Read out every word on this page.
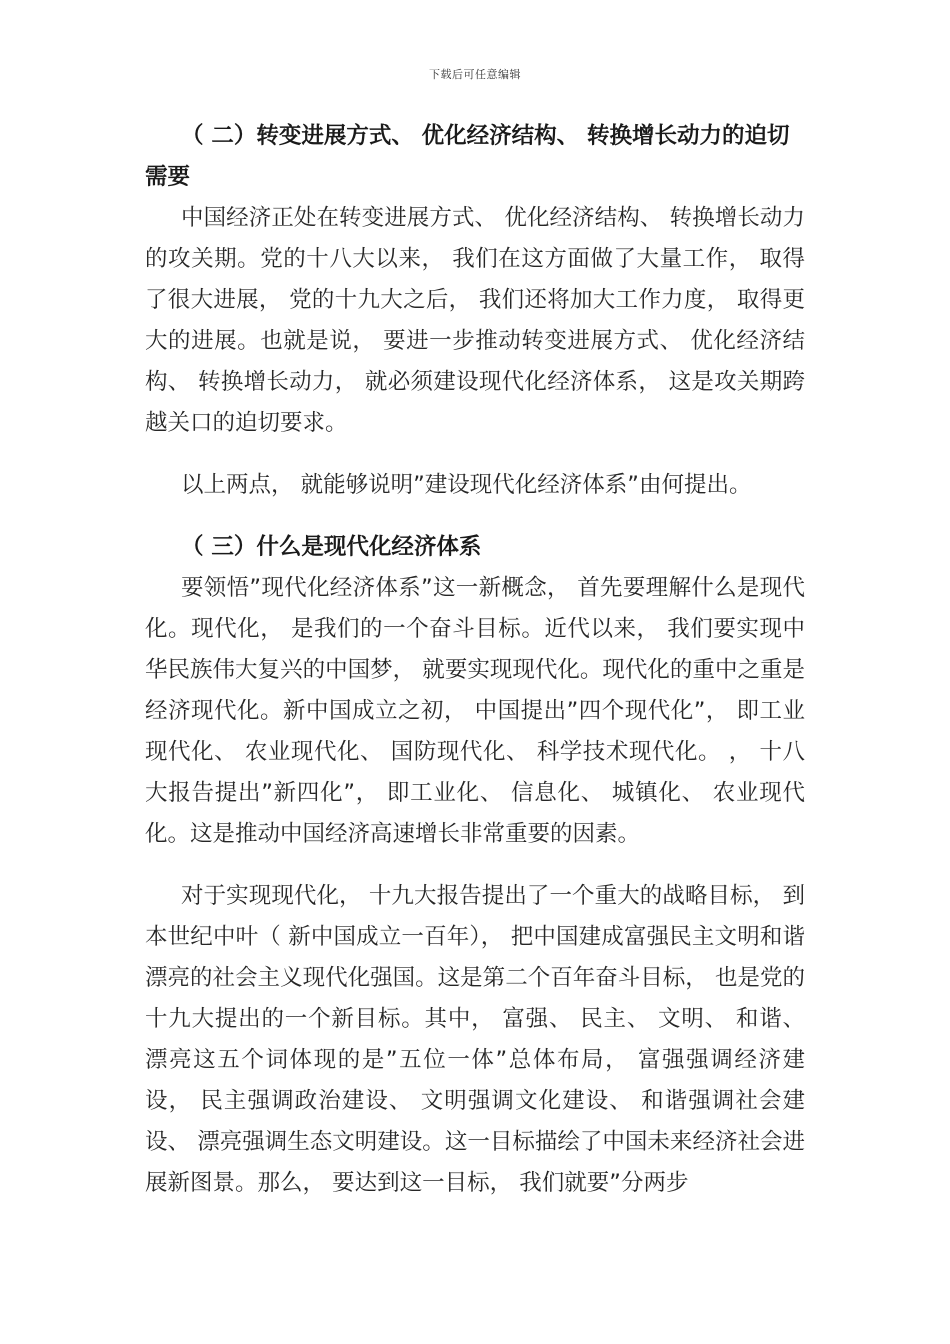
下载后可任意编辑
（ 二）转变进展方式、 优化经济结构、 转换增长动力的迫切需要

中国经济正处在转变进展方式、 优化经济结构、 转换增长动力的攻关期。党的十八大以来， 我们在这方面做了大量工作， 取得了很大进展， 党的十九大之后， 我们还将加大工作力度， 取得更大的进展。也就是说， 要进一步推动转变进展方式、 优化经济结构、 转换增长动力， 就必须建设现代化经济体系， 这是攻关期跨越关口的迫切要求。

以上两点， 就能够说明”建设现代化经济体系”由何提出。

（ 三）什么是现代化经济体系

要领悟”现代化经济体系”这一新概念， 首先要理解什么是现代化。现代化， 是我们的一个奋斗目标。近代以来， 我们要实现中华民族伟大复兴的中国梦， 就要实现现代化。现代化的重中之重是经济现代化。新中国成立之初， 中国提出”四个现代化”， 即工业现代化、 农业现代化、 国防现代化、 科学技术现代化。 ， 十八大报告提出”新四化”， 即工业化、 信息化、 城镇化、 农业现代化。这是推动中国经济高速增长非常重要的因素。

对于实现现代化， 十九大报告提出了一个重大的战略目标， 到本世纪中叶（ 新中国成立一百年）， 把中国建成富强民主文明和谐漂亮的社会主义现代化强国。这是第二个百年奋斗目标， 也是党的十九大提出的一个新目标。其中， 富强、 民主、 文明、 和谐、 漂亮这五个词体现的是”五位一体”总体布局， 富强强调经济建设， 民主强调政治建设、 文明强调文化建设、 和谐强调社会建设、 漂亮强调生态文明建设。这一目标描绘了中国未来经济社会进展新图景。那么， 要达到这一目标， 我们就要”分两步
